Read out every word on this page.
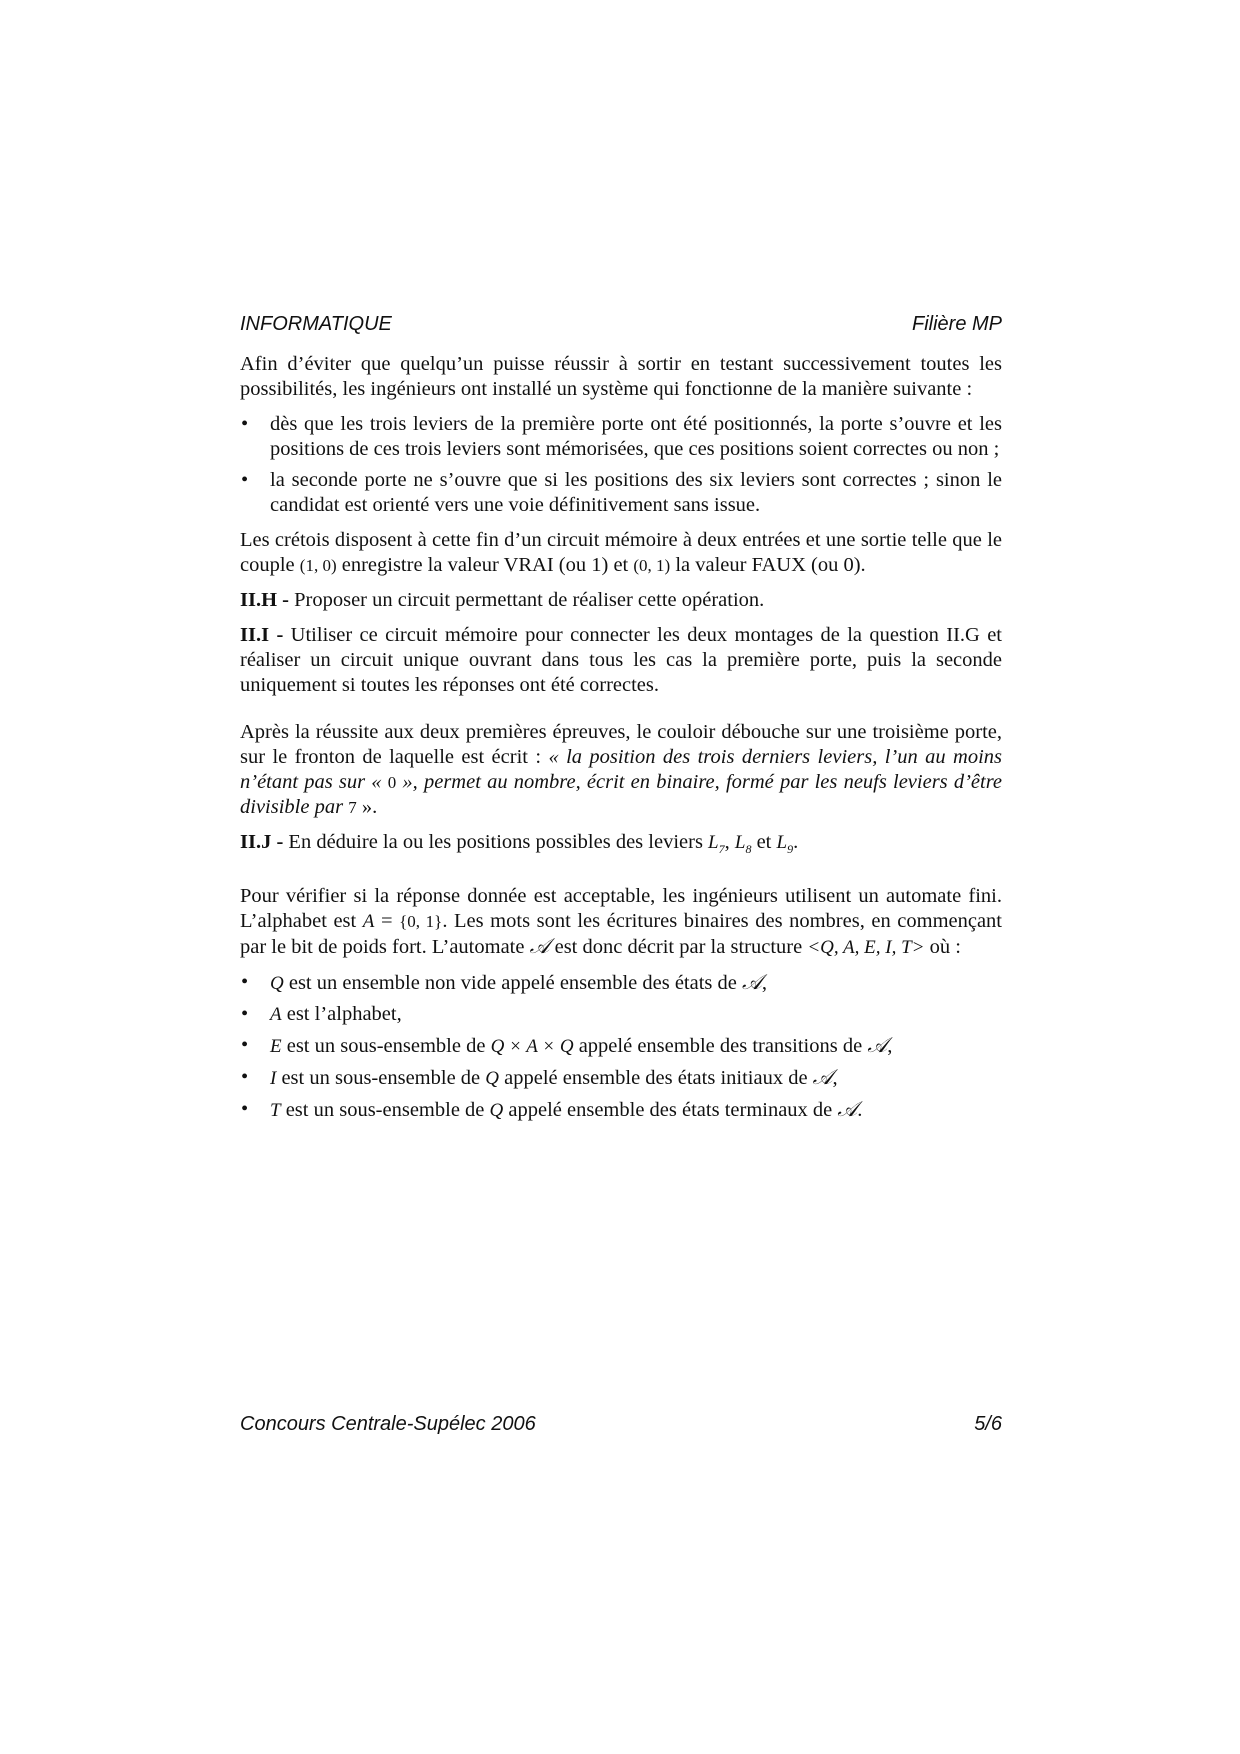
INFORMATIQUE	Filière MP

Afin d’éviter que quelqu’un puisse réussir à sortir en testant successivement toutes les possibilités, les ingénieurs ont installé un système qui fonctionne de la manière suivante :

• dès que les trois leviers de la première porte ont été positionnés, la porte s’ouvre et les positions de ces trois leviers sont mémorisées, que ces positions soient correctes ou non ;
• la seconde porte ne s’ouvre que si les positions des six leviers sont correctes ; sinon le candidat est orienté vers une voie définitivement sans issue.

Les crétois disposent à cette fin d’un circuit mémoire à deux entrées et une sortie telle que le couple (1, 0) enregistre la valeur VRAI (ou 1) et (0, 1) la valeur FAUX (ou 0).

II.H - Proposer un circuit permettant de réaliser cette opération.

II.I - Utiliser ce circuit mémoire pour connecter les deux montages de la question II.G et réaliser un circuit unique ouvrant dans tous les cas la première porte, puis la seconde uniquement si toutes les réponses ont été correctes.

Après la réussite aux deux premières épreuves, le couloir débouche sur une troisième porte, sur le fronton de laquelle est écrit : « la position des trois derniers leviers, l’un au moins n’étant pas sur « 0 », permet au nombre, écrit en binaire, formé par les neufs leviers d’être divisible par 7 ».

II.J - En déduire la ou les positions possibles des leviers $L_7$, $L_8$ et $L_9$.

Pour vérifier si la réponse donnée est acceptable, les ingénieurs utilisent un automate fini. L’alphabet est A = {0, 1}. Les mots sont les écritures binaires des nombres, en commençant par le bit de poids fort. L’automate 𝒜 est donc décrit par la structure <Q, A, E, I, T> où :

• Q est un ensemble non vide appelé ensemble des états de 𝒜,
• A est l’alphabet,
• E est un sous-ensemble de Q × A × Q appelé ensemble des transitions de 𝒜,
• I est un sous-ensemble de Q appelé ensemble des états initiaux de 𝒜,
• T est un sous-ensemble de Q appelé ensemble des états terminaux de 𝒜.
Concours Centrale-Supélec 2006	5/6
